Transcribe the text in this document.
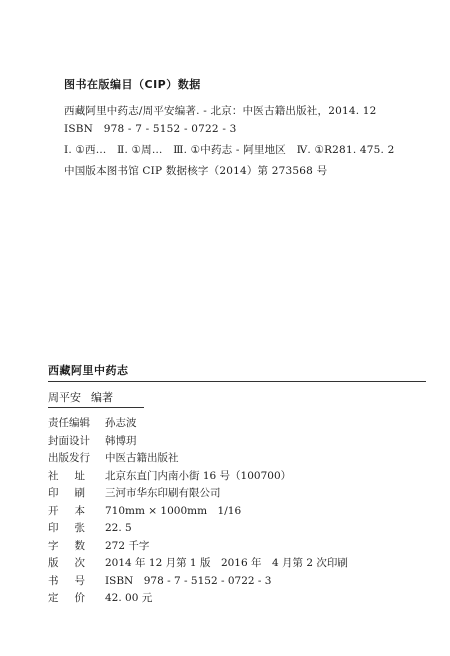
图书在版编目（CIP）数据
西藏阿里中药志/周平安编著. - 北京：中医古籍出版社，2014. 12
ISBN　978 - 7 - 5152 - 0722 - 3
Ⅰ. ①西…　Ⅱ. ①周…　Ⅲ. ①中药志 - 阿里地区　Ⅳ. ①R281. 475. 2
中国版本图书馆 CIP 数据核字（2014）第 273568 号
西藏阿里中药志
周平安 编著
责任编辑 孙志波
封面设计 韩博玥
出版发行 中医古籍出版社
社址 北京东直门内南小街 16 号（100700）
印刷 三河市华东印刷有限公司
开本 710mm × 1000mm　1/16
印张 22. 5
字数 272 千字
版次 2014 年 12 月第 1 版　2016 年　4 月第 2 次印刷
书号 ISBN　978 - 7 - 5152 - 0722 - 3
定价 42. 00 元
